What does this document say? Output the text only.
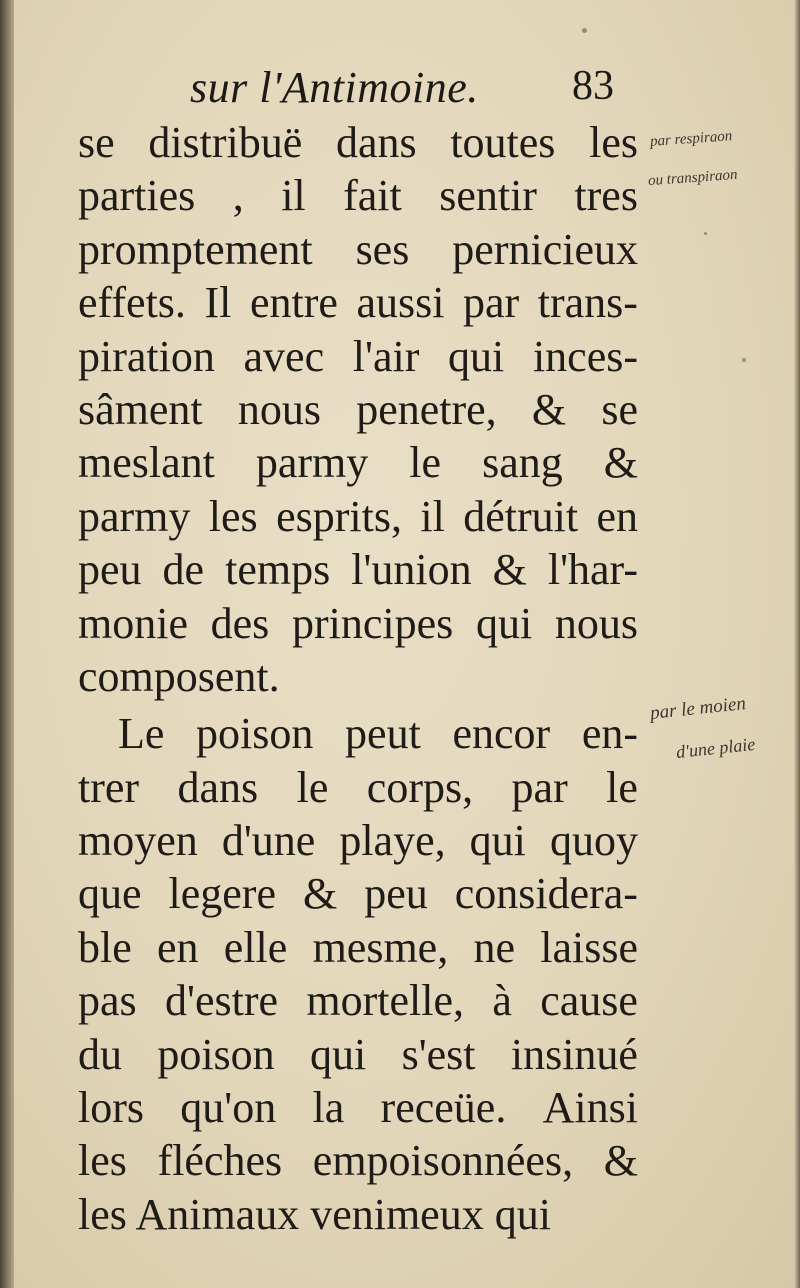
sur l'Antimoine. 83
se distribuë dans toutes les
parties , il fait sentir tres
promptement ses pernicieux
effets. Il entre aussi par trans-
piration avec l'air qui inces-
sâment nous penetre, & se
meslant parmy le sang &
parmy les esprits, il détruit en
peu de temps l'union & l'har-
monie des principes qui nous
composent.
Le poison peut encor en-
trer dans le corps, par le
moyen d'une playe, qui quoy
que legere & peu considera-
ble en elle mesme, ne laisse
pas d'estre mortelle, à cause
du poison qui s'est insinué
lors qu'on la receüe. Ainsi
les fléches empoisonnées, &
les Animaux venimeux qui
par respiraon
ou transpiraon
par le moien
d'une plaie
